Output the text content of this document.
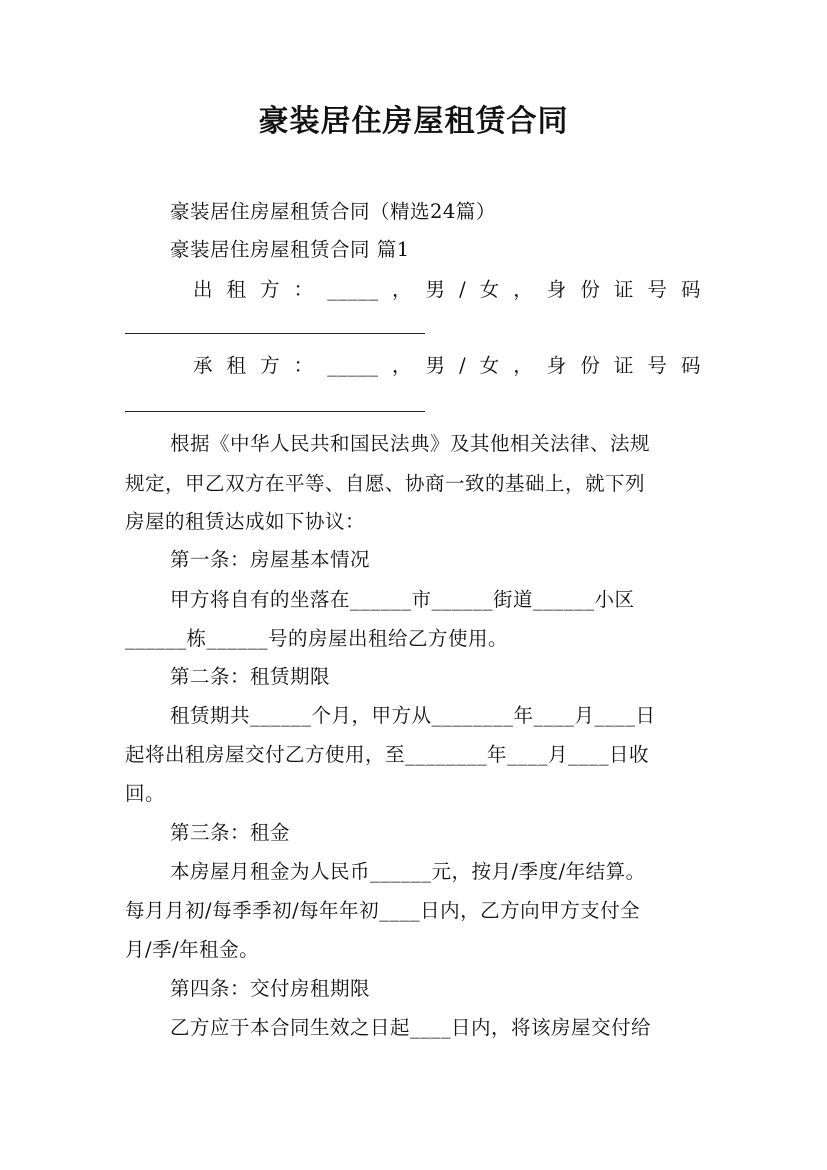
豪装居住房屋租赁合同

豪装居住房屋租赁合同（精选24篇）

豪装居住房屋租赁合同 篇1

出 租 方 ： _____ ， 男 / 女 ， 身 份 证 号 码

承 租 方 ： _____ ， 男 / 女 ， 身 份 证 号 码

根据《中华人民共和国民法典》及其他相关法律、法规

规定，甲乙双方在平等、自愿、协商一致的基础上，就下列

房屋的租赁达成如下协议：

第一条：房屋基本情况

甲方将自有的坐落在______市______街道______小区

______栋______号的房屋出租给乙方使用。

第二条：租赁期限

租赁期共______个月，甲方从________年____月____日

起将出租房屋交付乙方使用，至________年____月____日收

回。

第三条：租金

本房屋月租金为人民币______元，按月/季度/年结算。

每月月初/每季季初/每年年初____日内，乙方向甲方支付全

月/季/年租金。

第四条：交付房租期限

乙方应于本合同生效之日起____日内，将该房屋交付给
